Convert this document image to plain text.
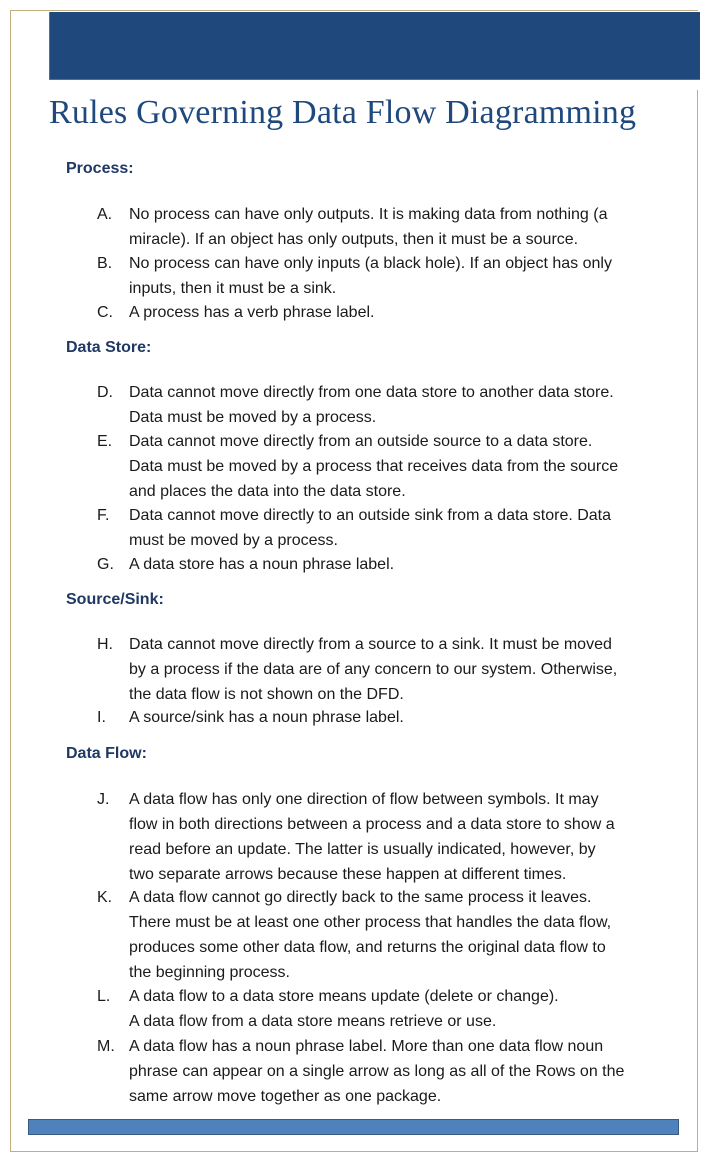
Rules Governing Data Flow Diagramming
Process:
A.	No process can have only outputs. It is making data from nothing (a
miracle). If an object has only outputs, then it must be a source.
B.	No process can have only inputs (a black hole). If an object has only
inputs, then it must be a sink.
C.	A process has a verb phrase label.
Data Store:
D.	Data cannot move directly from one data store to another data store.
Data must be moved by a process.
E.	Data cannot move directly from an outside source to a data store.
Data must be moved by a process that receives data from the source
and places the data into the data store.
F.	Data cannot move directly to an outside sink from a data store. Data
must be moved by a process.
G. A data store has a noun phrase label.
Source/Sink:
H.	Data cannot move directly from a source to a sink. It must be moved
by a process if the data are of any concern to our system. Otherwise,
the data flow is not shown on the DFD.
I.	A source/sink has a noun phrase label.
Data Flow:
J.	A data flow has only one direction of flow between symbols. It may
flow in both directions between a process and a data store to show a
read before an update. The latter is usually indicated, however, by
two separate arrows because these happen at different times.
K.	A data flow cannot go directly back to the same process it leaves.
There must be at least one other process that handles the data flow,
produces some other data flow, and returns the original data flow to
the beginning process.
L.	A data flow to a data store means update (delete or change).
A data flow from a data store means retrieve or use.
M. A data flow has a noun phrase label. More than one data flow noun
phrase can appear on a single arrow as long as all of the Rows on the
same arrow move together as one package.
